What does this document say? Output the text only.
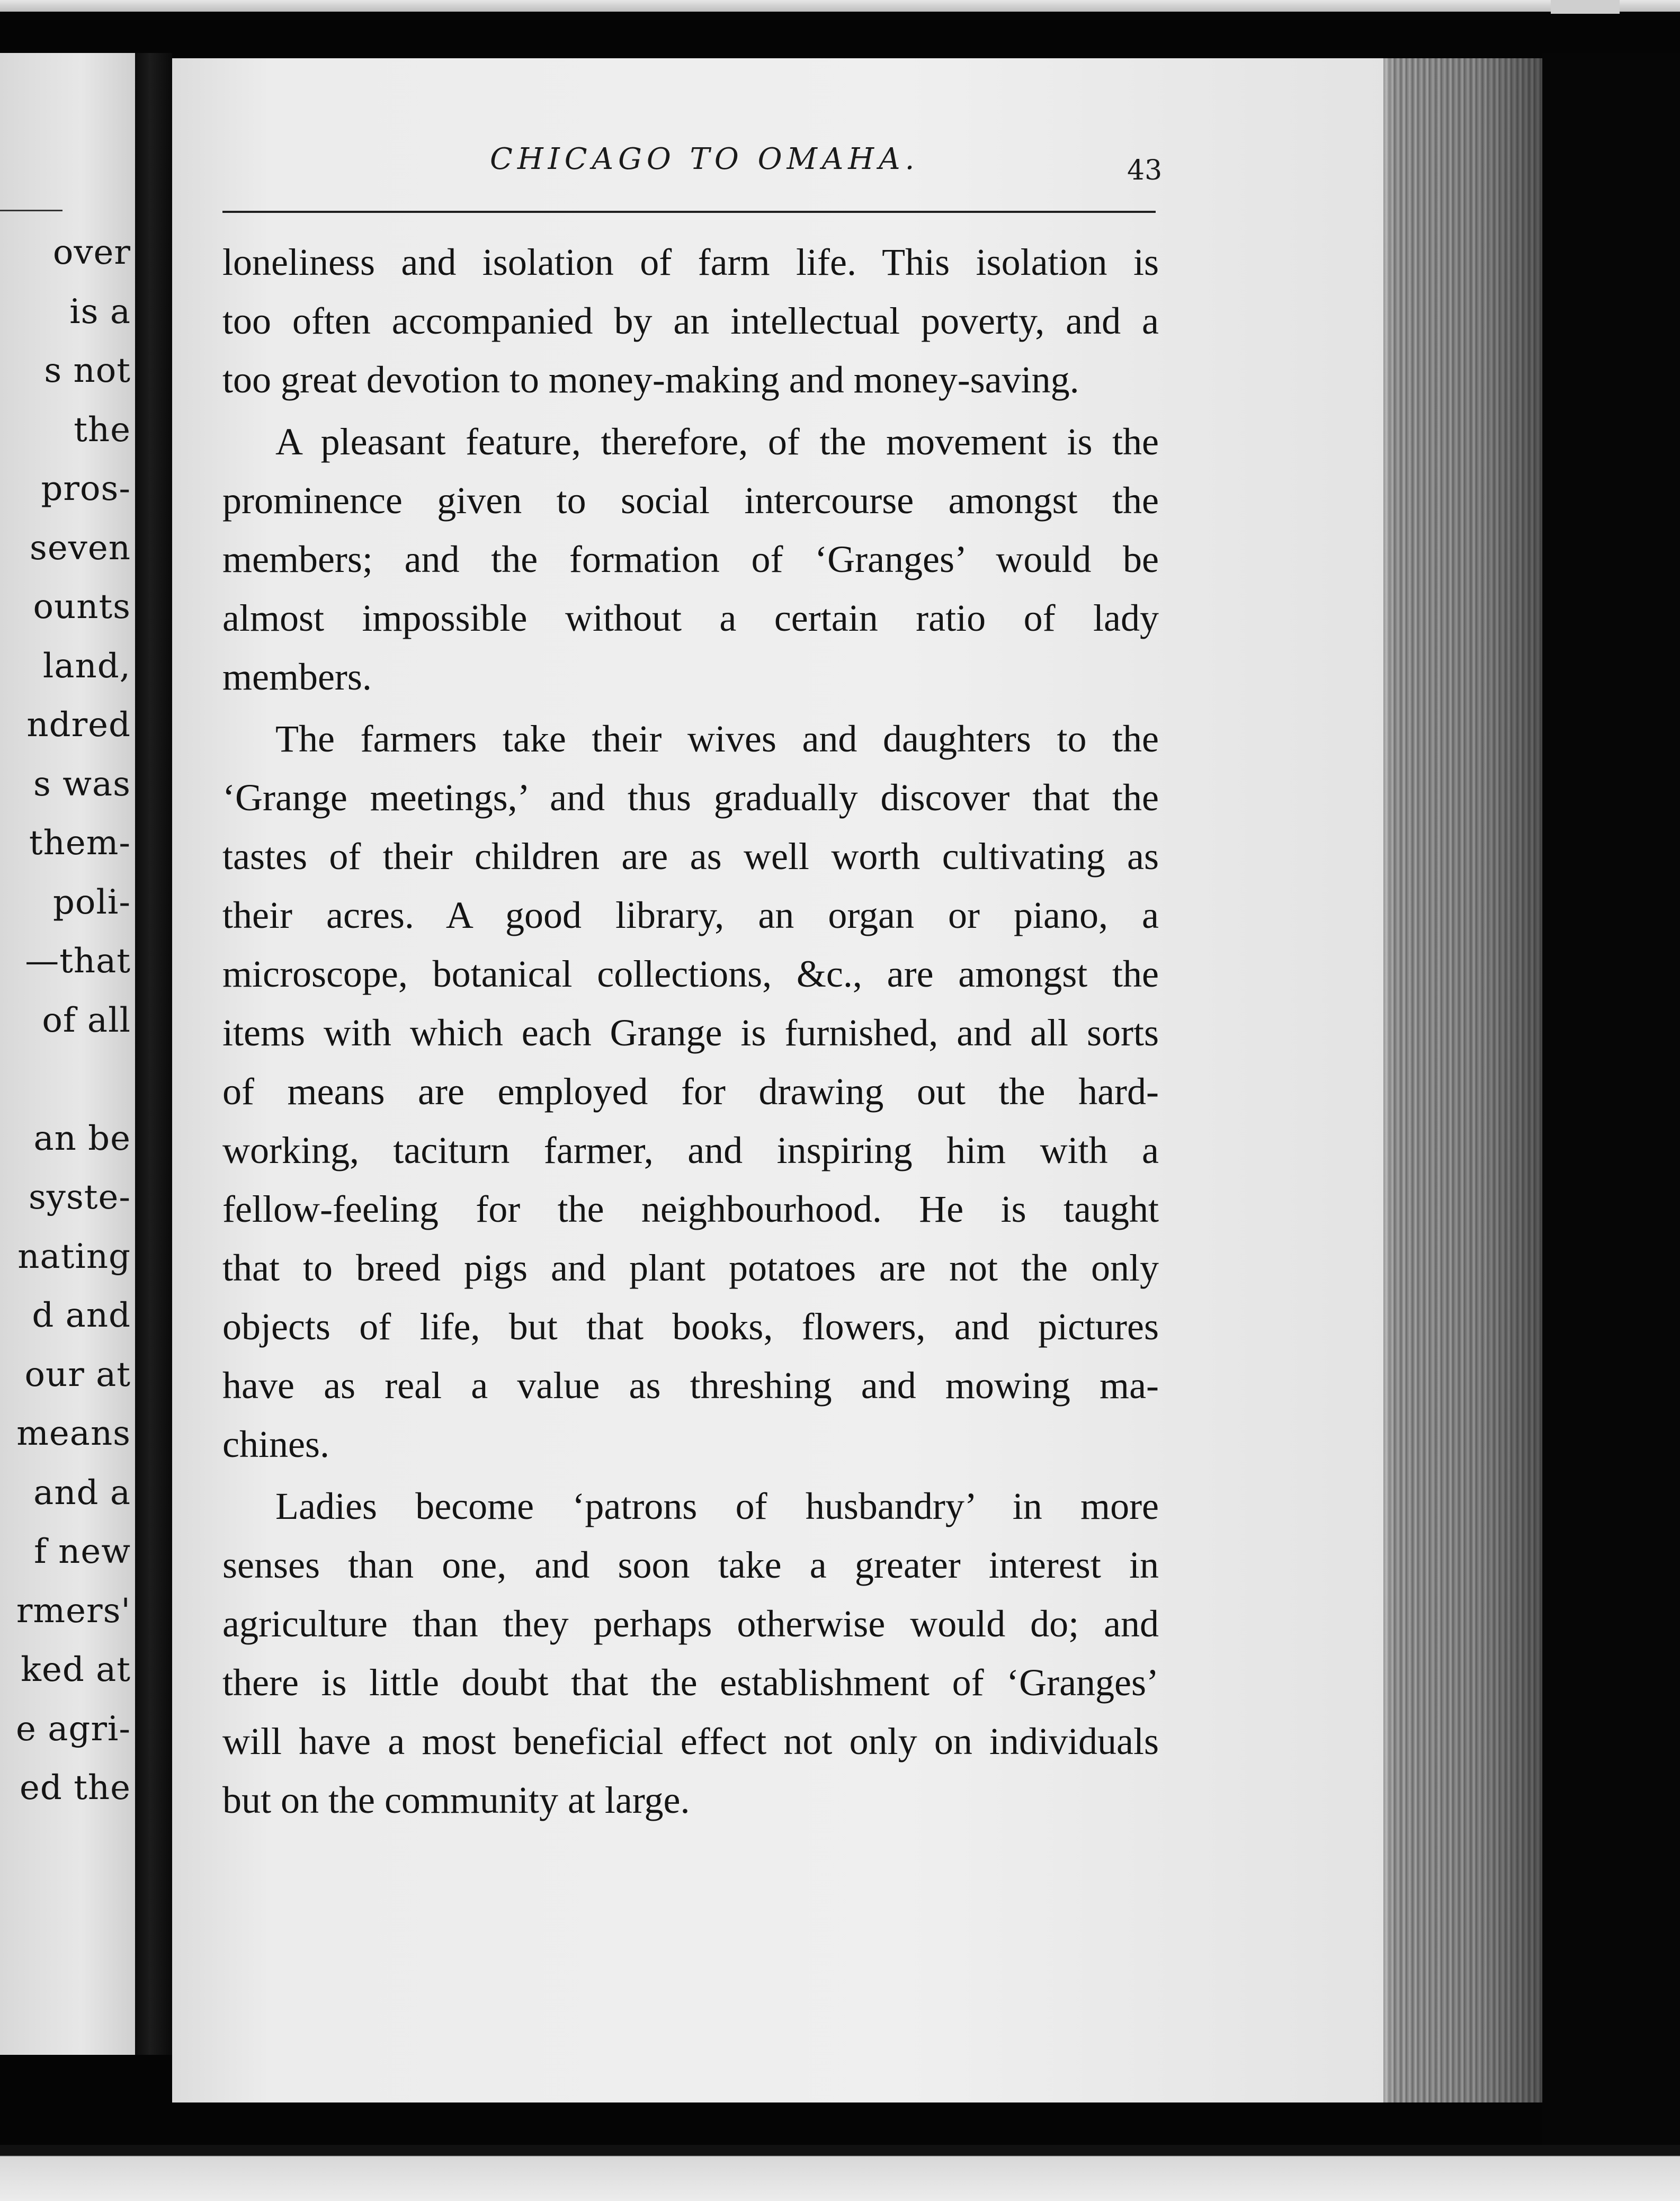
over
is a
s not
the
pros-
seven
ounts
land,
ndred
s was
them-
poli-
—that
of all
an be
syste-
nating
d and
our at
means
and a
f new
rmers'
ked at
e agri-
ed the
CHICAGO TO OMAHA.	43
loneliness and isolation of farm life. This isolation is
too often accompanied by an intellectual poverty, and a
too great devotion to money-making and money-saving.
A pleasant feature, therefore, of the movement is the
prominence given to social intercourse amongst the
members; and the formation of ‘Granges’ would be
almost impossible without a certain ratio of lady
members.
The farmers take their wives and daughters to the
‘Grange meetings,’ and thus gradually discover that the
tastes of their children are as well worth cultivating as
their acres. A good library, an organ or piano, a
microscope, botanical collections, &c., are amongst the
items with which each Grange is furnished, and all sorts
of means are employed for drawing out the hard-
working, taciturn farmer, and inspiring him with a
fellow-feeling for the neighbourhood. He is taught
that to breed pigs and plant potatoes are not the only
objects of life, but that books, flowers, and pictures
have as real a value as threshing and mowing ma-
chines.
Ladies become ‘patrons of husbandry’ in more
senses than one, and soon take a greater interest in
agriculture than they perhaps otherwise would do; and
there is little doubt that the establishment of ‘Granges’
will have a most beneficial effect not only on individuals
but on the community at large.
